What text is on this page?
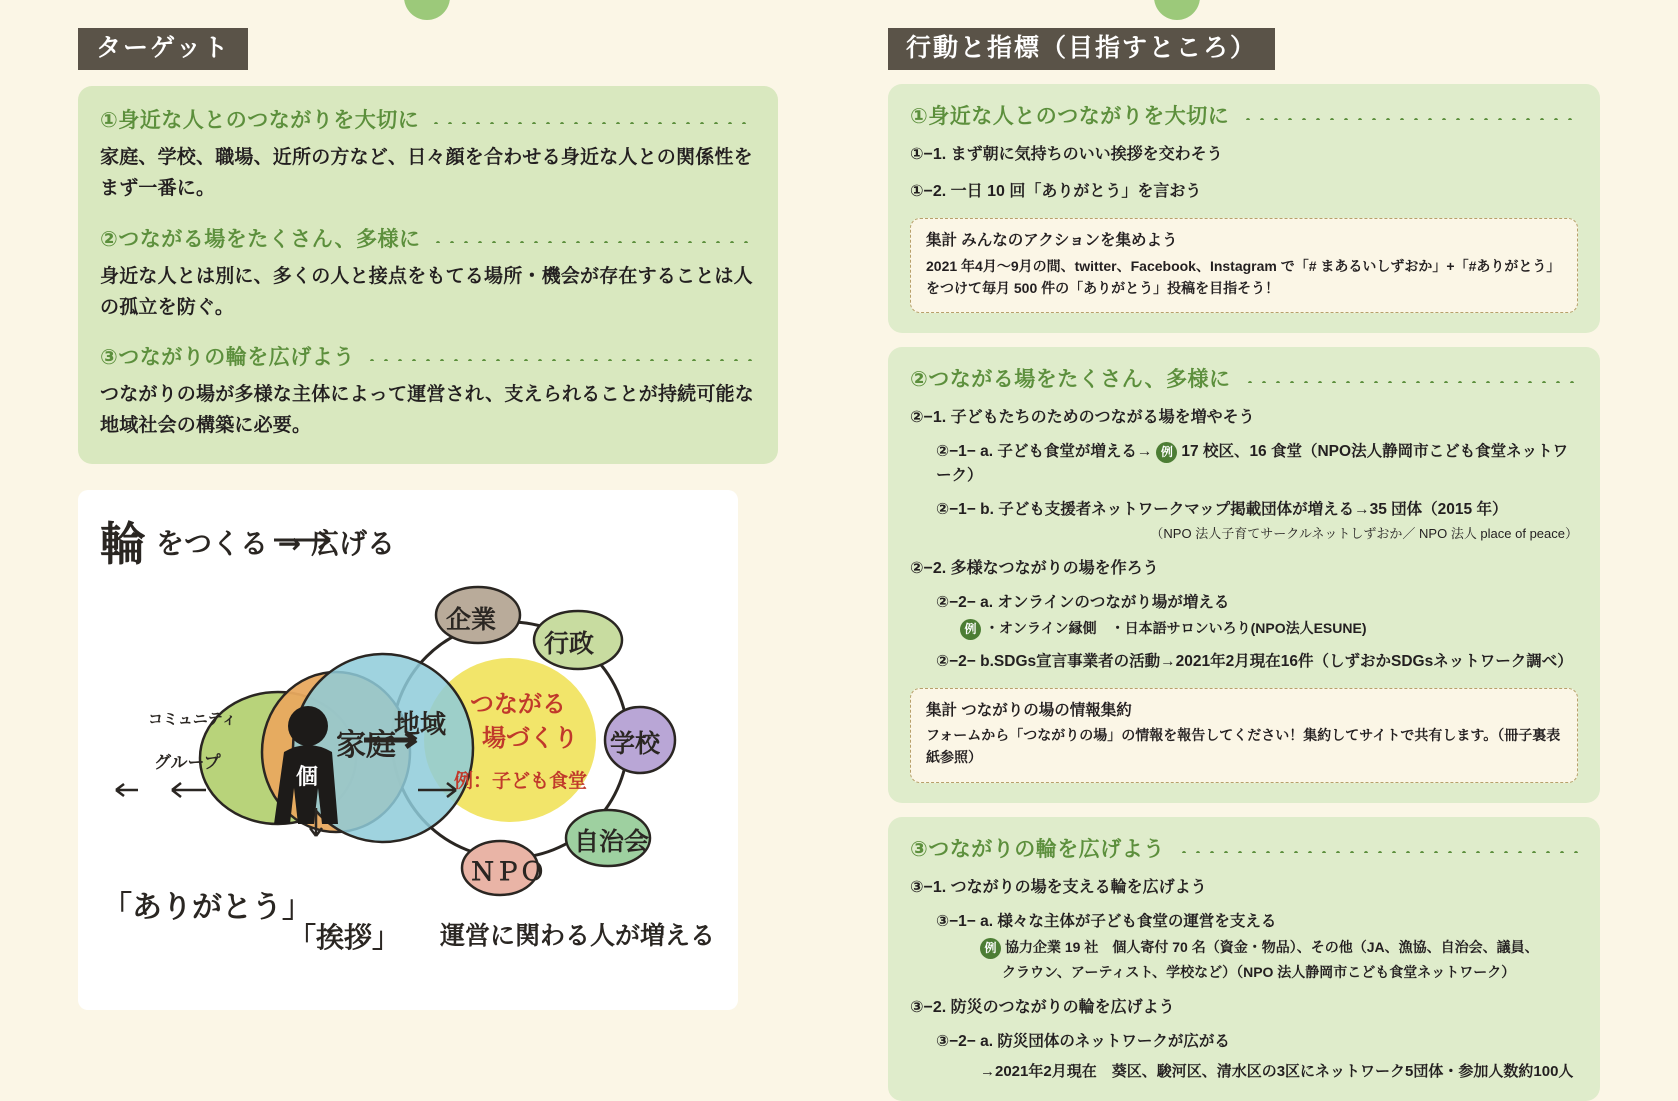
ターゲット
①身近な人とのつながりを大切に
家庭、学校、職場、近所の方など、日々顔を合わせる身近な人との関係性をまず一番に。
②つながる場をたくさん、多様に
身近な人とは別に、多くの人と接点をもてる場所・機会が存在することは人の孤立を防ぐ。
③つながりの輪を広げよう
つながりの場が多様な主体によって運営され、支えられることが持続可能な地域社会の構築に必要。
輪 をつくる → 広げる
企業
行政
学校
自治会
ＮＰＯ
地域
家庭
コミュニティ
グループ
個
つながる
場づくり
例：子ども食堂
「ありがとう」
「挨拶」 運営に関わる人が増える
行動と指標（目指すところ）
①身近な人とのつながりを大切に
①−1. まず朝に気持ちのいい挨拶を交わそう
①−2. 一日 10 回「ありがとう」を言おう
集計 みんなのアクションを集めよう
2021 年4月〜9月の間、twitter、Facebook、Instagram で「# まあるいしずおか」+「#ありがとう」をつけて毎月 500 件の「ありがとう」投稿を目指そう！
②つながる場をたくさん、多様に
②−1. 子どもたちのためのつながる場を増やそう
②−1− a. 子ども食堂が増える→ 例 17 校区、16 食堂（NPO法人静岡市こども食堂ネットワーク）
②−1− b. 子ども支援者ネットワークマップ掲載団体が増える→35 団体（2015 年）
（NPO 法人子育てサークルネットしずおか／ NPO 法人 place of peace）
②−2. 多様なつながりの場を作ろう
②−2− a. オンラインのつながり場が増える
例 ・オンライン縁側　・日本語サロンいろり(NPO法人ESUNE)
②−2− b.SDGs宣言事業者の活動→2021年2月現在16件（しずおかSDGsネットワーク調べ）
集計 つながりの場の情報集約
フォームから「つながりの場」の情報を報告してください！集約してサイトで共有します。（冊子裏表紙参照）
③つながりの輪を広げよう
③−1. つながりの場を支える輪を広げよう
③−1− a. 様々な主体が子ども食堂の運営を支える
例 協力企業 19 社　個人寄付 70 名（資金・物品）、その他（JA、漁協、自治会、議員、
クラウン、アーティスト、学校など）（NPO 法人静岡市こども食堂ネットワーク）
③−2. 防災のつながりの輪を広げよう
③−2− a. 防災団体のネットワークが広がる
→2021年2月現在　葵区、駿河区、清水区の3区にネットワーク5団体・参加人数約100人
